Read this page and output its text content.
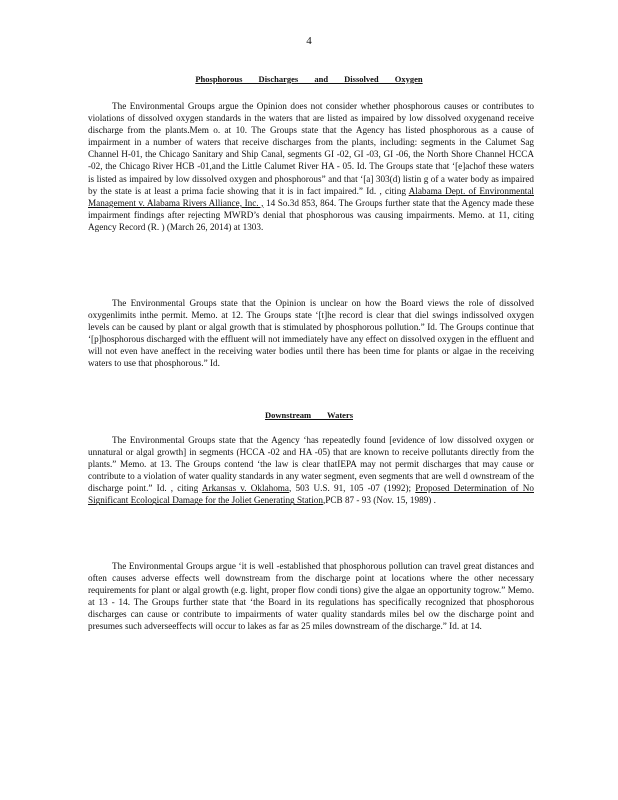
4
Phosphorous Discharges and Dissolved Oxygen

The Environmental Groups argue the Opinion does not consider whether phosphorous causes or contributes to violations of dissolved oxygen standards in the waters that are listed as impaired by low dissolved oxygenand receive discharge from the plants.Mem o. at 10. The Groups state that the Agency has listed phosphorous as a cause of impairment in a number of waters that receive discharges from the plants, including: segments in the Calumet Sag Channel H-01, the Chicago Sanitary and Ship Canal, segments GI -02, GI -03, GI -06, the North Shore Channel HCCA -02, the Chicago River HCB -01,and the Little Calumet River HA - 05. Id. The Groups state that ‘[e]achof these waters is listed as impaired by low dissolved oxygen and phosphorous” and that ‘[a] 303(d) listin g of a water body as impaired by the state is at least a prima facie showing that it is in fact impaired.” Id. , citing Alabama Dept. of Environmental Management v. Alabama Rivers Alliance, Inc. , 14 So.3d 853, 864. The Groups further state that the Agency made these impairment findings after rejecting MWRD’s denial that phosphorous was causing impairments. Memo. at 11, citing Agency Record (R. ) (March 26, 2014) at 1303.

The Environmental Groups state that the Opinion is unclear on how the Board views the role of dissolved oxygenlimits inthe permit. Memo. at 12. The Groups state ‘[t]he record is clear that diel swings indissolved oxygen levels can be caused by plant or algal growth that is stimulated by phosphorous pollution.” Id. The Groups continue that ‘[p]hosphorous discharged with the effluent will not immediately have any effect on dissolved oxygen in the effluent and will not even have aneffect in the receiving water bodies until there has been time for plants or algae in the receiving waters to use that phosphorous.” Id.

Downstream Waters

The Environmental Groups state that the Agency ‘has repeatedly found [evidence of low dissolved oxygen or unnatural or algal growth] in segments (HCCA -02 and HA -05) that are known to receive pollutants directly from the plants.” Memo. at 13. The Groups contend ‘the law is clear thatIEPA may not permit discharges that may cause or contribute to a violation of water quality standards in any water segment, even segments that are well d ownstream of the discharge point.” Id. , citing Arkansas v. Oklahoma, 503 U.S. 91, 105 -07 (1992); Proposed Determination of No Significant Ecological Damage for the Joliet Generating Station,PCB 87 - 93 (Nov. 15, 1989) .

The Environmental Groups argue ‘it is well -established that phosphorous pollution can travel great distances and often causes adverse effects well downstream from the discharge point at locations where the other necessary requirements for plant or algal growth (e.g. light, proper flow condi tions) give the algae an opportunity togrow.” Memo. at 13 - 14. The Groups further state that ‘the Board in its regulations has specifically recognized that phosphorous discharges can cause or contribute to impairments of water quality standards miles bel ow the discharge point and presumes such adverseeffects will occur to lakes as far as 25 miles downstream of the discharge.” Id. at 14.
